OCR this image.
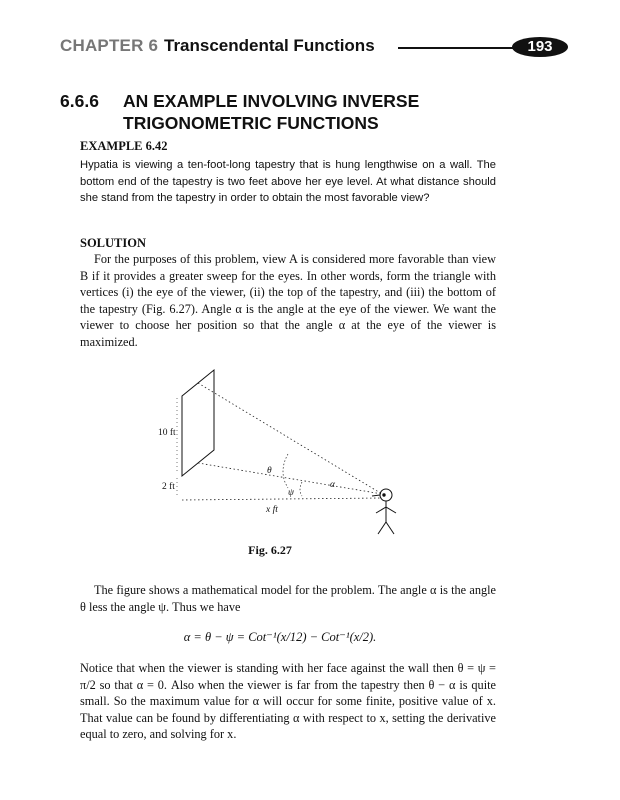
CHAPTER 6 Transcendental Functions	193
6.6.6 AN EXAMPLE INVOLVING INVERSE TRIGONOMETRIC FUNCTIONS
EXAMPLE 6.42
Hypatia is viewing a ten-foot-long tapestry that is hung lengthwise on a wall. The bottom end of the tapestry is two feet above her eye level. At what distance should she stand from the tapestry in order to obtain the most favorable view?
SOLUTION
For the purposes of this problem, view A is considered more favorable than view B if it provides a greater sweep for the eyes. In other words, form the triangle with vertices (i) the eye of the viewer, (ii) the top of the tapestry, and (iii) the bottom of the tapestry (Fig. 6.27). Angle α is the angle at the eye of the viewer. We want the viewer to choose her position so that the angle α at the eye of the viewer is maximized.
10 ft
2 ft
x ft
θ
α
ψ
Fig. 6.27
The figure shows a mathematical model for the problem. The angle α is the angle θ less the angle ψ. Thus we have
α = θ − ψ = Cot⁻¹(x/12) − Cot⁻¹(x/2).
Notice that when the viewer is standing with her face against the wall then θ = ψ = π/2 so that α = 0. Also when the viewer is far from the tapestry then θ − α is quite small. So the maximum value for α will occur for some finite, positive value of x. That value can be found by differentiating α with respect to x, setting the derivative equal to zero, and solving for x.
